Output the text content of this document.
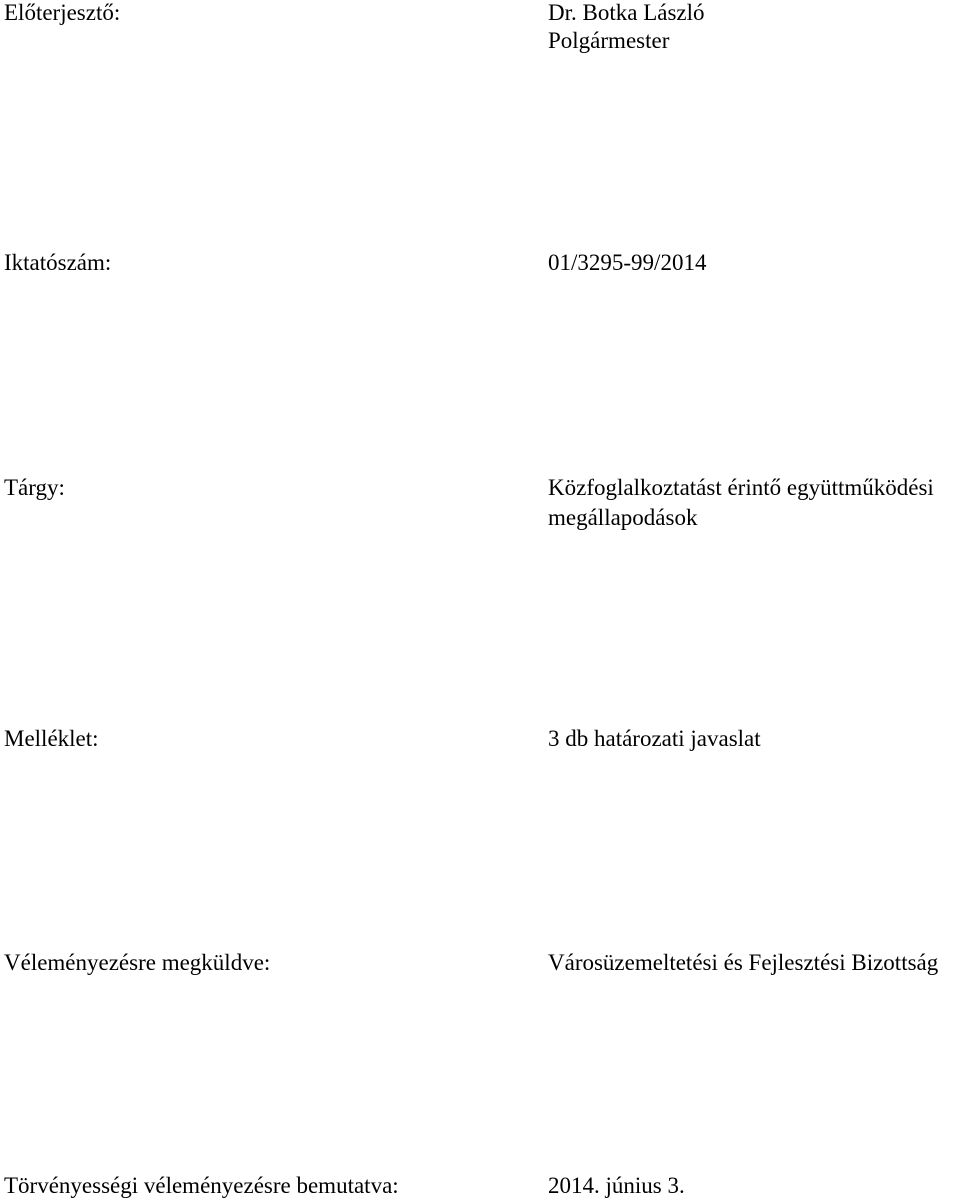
Előterjesztő:	Dr. Botka László
Polgármester
Iktatószám:	01/3295-99/2014
Tárgy:	Közfoglalkoztatást érintő együttműködési
megállapodások
Melléklet:	3 db határozati javaslat
Véleményezésre megküldve:	Városüzemeltetési és Fejlesztési Bizottság
Törvényességi véleményezésre bemutatva:	2014. június 3.
